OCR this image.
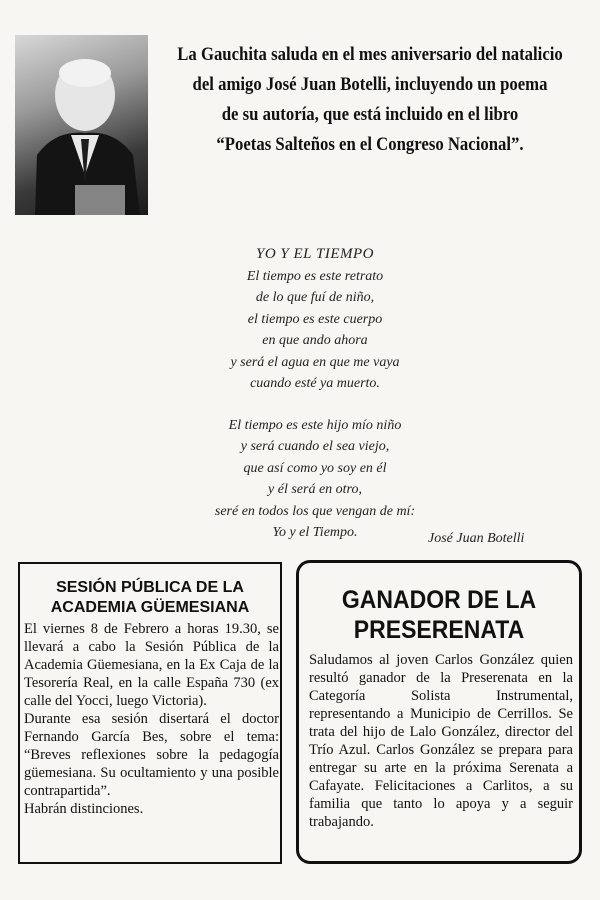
La Gauchita saluda en el mes aniversario del natalicio
del amigo José Juan Botelli, incluyendo un poema
de su autoría, que está incluido en el libro
“Poetas Salteños en el Congreso Nacional”.
YO Y EL TIEMPO
El tiempo es este retrato
de lo que fuí de niño,
el tiempo es este cuerpo
en que ando ahora
y será el agua en que me vaya
cuando esté ya muerto.
El tiempo es este hijo mío niño
y será cuando el sea viejo,
que así como yo soy en él
y él será en otro,
seré en todos los que vengan de mí:
Yo y el Tiempo.	José Juan Botelli
SESIÓN PÚBLICA DE LA
ACADEMIA GÜEMESIANA

El viernes 8 de Febrero a horas 19.30, se llevará a cabo la Sesión Pública de la Academia Güemesiana, en la Ex Caja de la Tesorería Real, en la calle España 730 (ex calle del Yocci, luego Victoria).

Durante esa sesión disertará el doctor Fernando García Bes, sobre el tema: “Breves reflexiones sobre la pedagogía güemesiana. Su ocultamiento y una posible contrapartida”.

Habrán distinciones.

GANADOR DE LA
PRESERENATA
Saludamos al joven Carlos González quien resultó ganador de la Preserenata en la Categoría Solista Instrumental, representando a Municipio de Cerrillos. Se trata del hijo de Lalo González, director del Trío Azul. Carlos González se prepara para entregar su arte en la próxima Serenata a Cafayate. Felicitaciones a Carlitos, a su familia que tanto lo apoya y a seguir trabajando.
